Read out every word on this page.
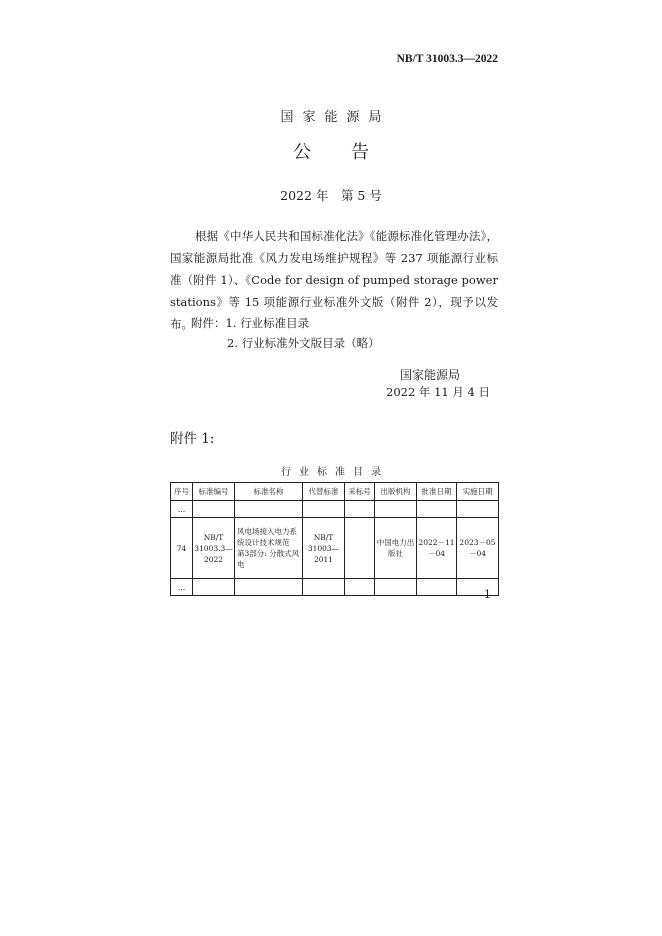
NB/T 31003.3—2022
国家能源局
公告
2022 年　第 5 号
根据《中华人民共和国标准化法》《能源标准化管理办法》，国家能源局批准《风力发电场维护规程》等 237 项能源行业标准（附件 1）、《Code for design of pumped storage power stations》等 15 项能源行业标准外文版（附件 2），现予以发布。
附件：1. 行业标准目录
2. 行业标准外文版目录（略）
国家能源局
2022 年 11 月 4 日
附件 1:
行业标准目录
序号	标准编号	标准名称	代替标准	采标号	出版机构	批准日期	实施日期
…							
74	NB/T 31003.3—2022	风电场接入电力系统设计技术规范　第3部分: 分散式风电	NB/T 31003—2011		中国电力出版社	2022－11－04	2023－05－04
…							
1
